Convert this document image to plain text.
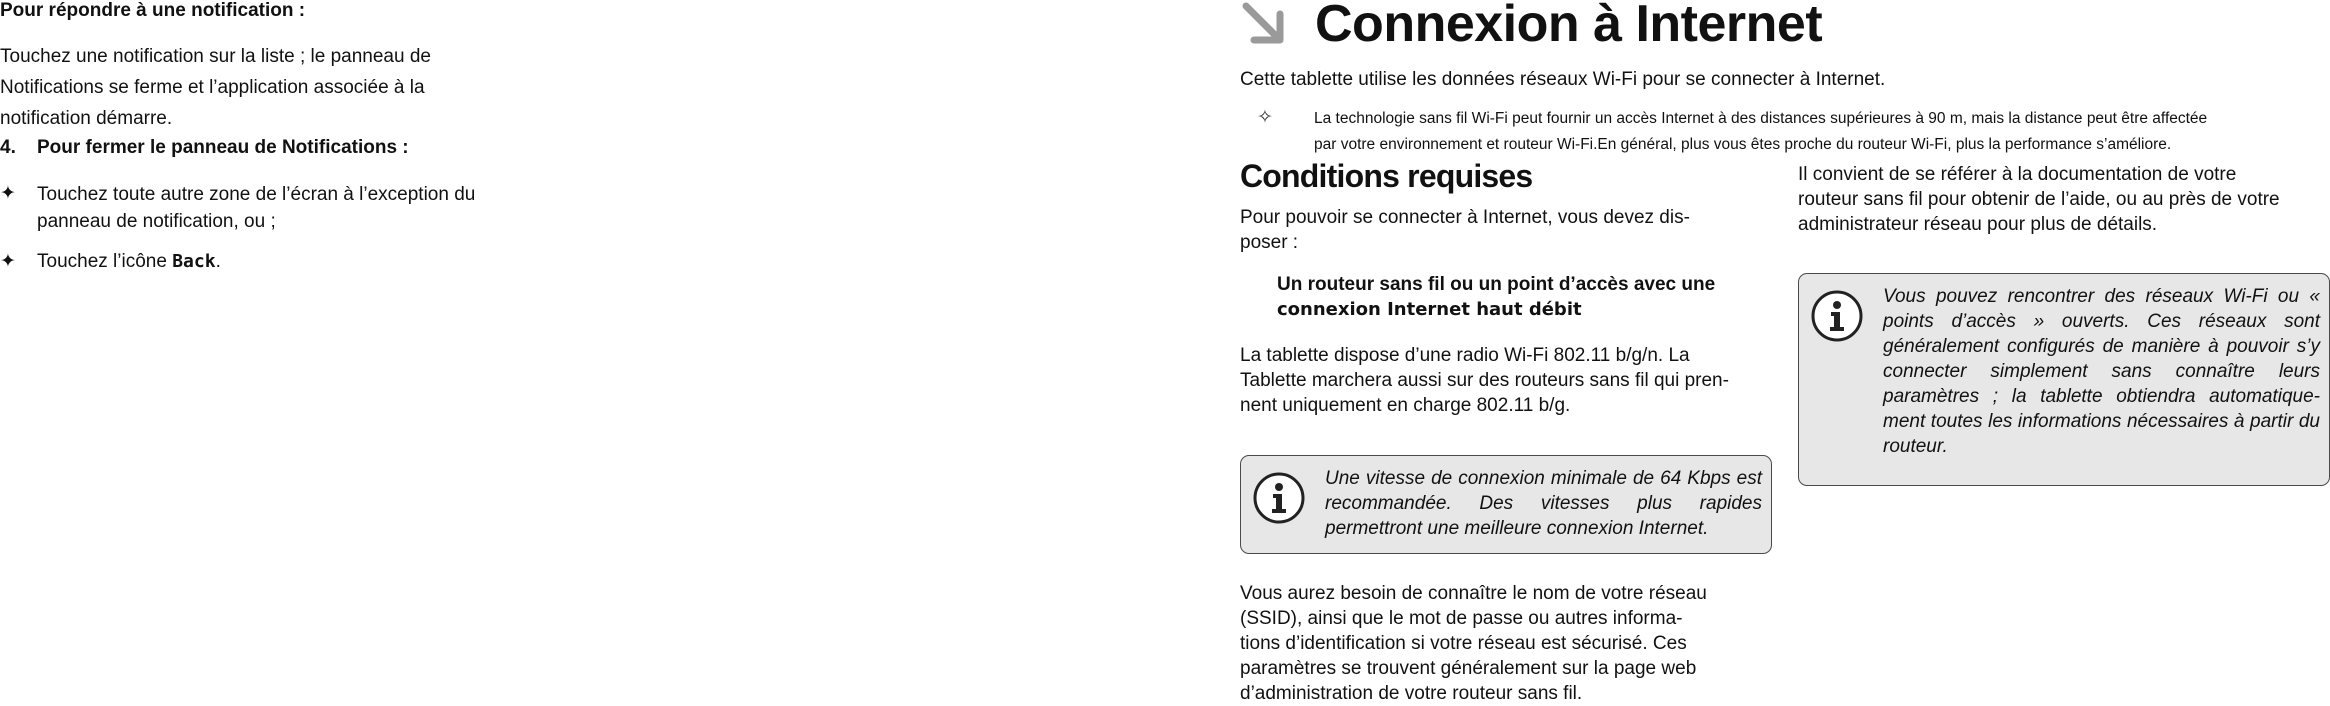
Pour répondre à une notification :
Touchez une notification sur la liste ; le panneau de Notifications se ferme et l’application associée à la notification démarre.
4. Pour fermer le panneau de Notifications :
✦ Touchez toute autre zone de l’écran à l’exception du panneau de notification, ou ;
✦ Touchez l’icône Back.
Connexion à Internet
Cette tablette utilise les données réseaux Wi-Fi pour se connecter à Internet.
✧	La technologie sans fil Wi-Fi peut fournir un accès Internet à des distances supérieures à 90 m, mais la distance peut être affectée
par votre environnement et routeur Wi-Fi.En général, plus vous êtes proche du routeur Wi-Fi, plus la performance s’améliore.
Conditions requises
Pour pouvoir se connecter à Internet, vous devez dis-
poser :
Un routeur sans fil ou un point d’accès avec une
connexion Internet haut débit
La tablette dispose d’une radio Wi-Fi 802.11 b/g/n. La
Tablette marchera aussi sur des routeurs sans fil qui pren-
nent uniquement en charge 802.11 b/g.

Une vitesse de connexion minimale de 64 Kbps est recommandée. Des vitesses plus rapides permettront une meilleure connexion Internet.

Vous aurez besoin de connaître le nom de votre réseau
(SSID), ainsi que le mot de passe ou autres informa-
tions d’identification si votre réseau est sécurisé. Ces
paramètres se trouvent généralement sur la page web
d’administration de votre routeur sans fil.
Il convient de se référer à la documentation de votre
routeur sans fil pour obtenir de l’aide, ou au près de votre
administrateur réseau pour plus de détails.

Vous pouvez rencontrer des réseaux Wi-Fi ou « points d’accès » ouverts. Ces réseaux sont généralement configurés de manière à pouvoir s’y connecter simplement sans connaître leurs paramètres ; la tablette obtiendra automatique-ment toutes les informations nécessaires à partir du routeur.
